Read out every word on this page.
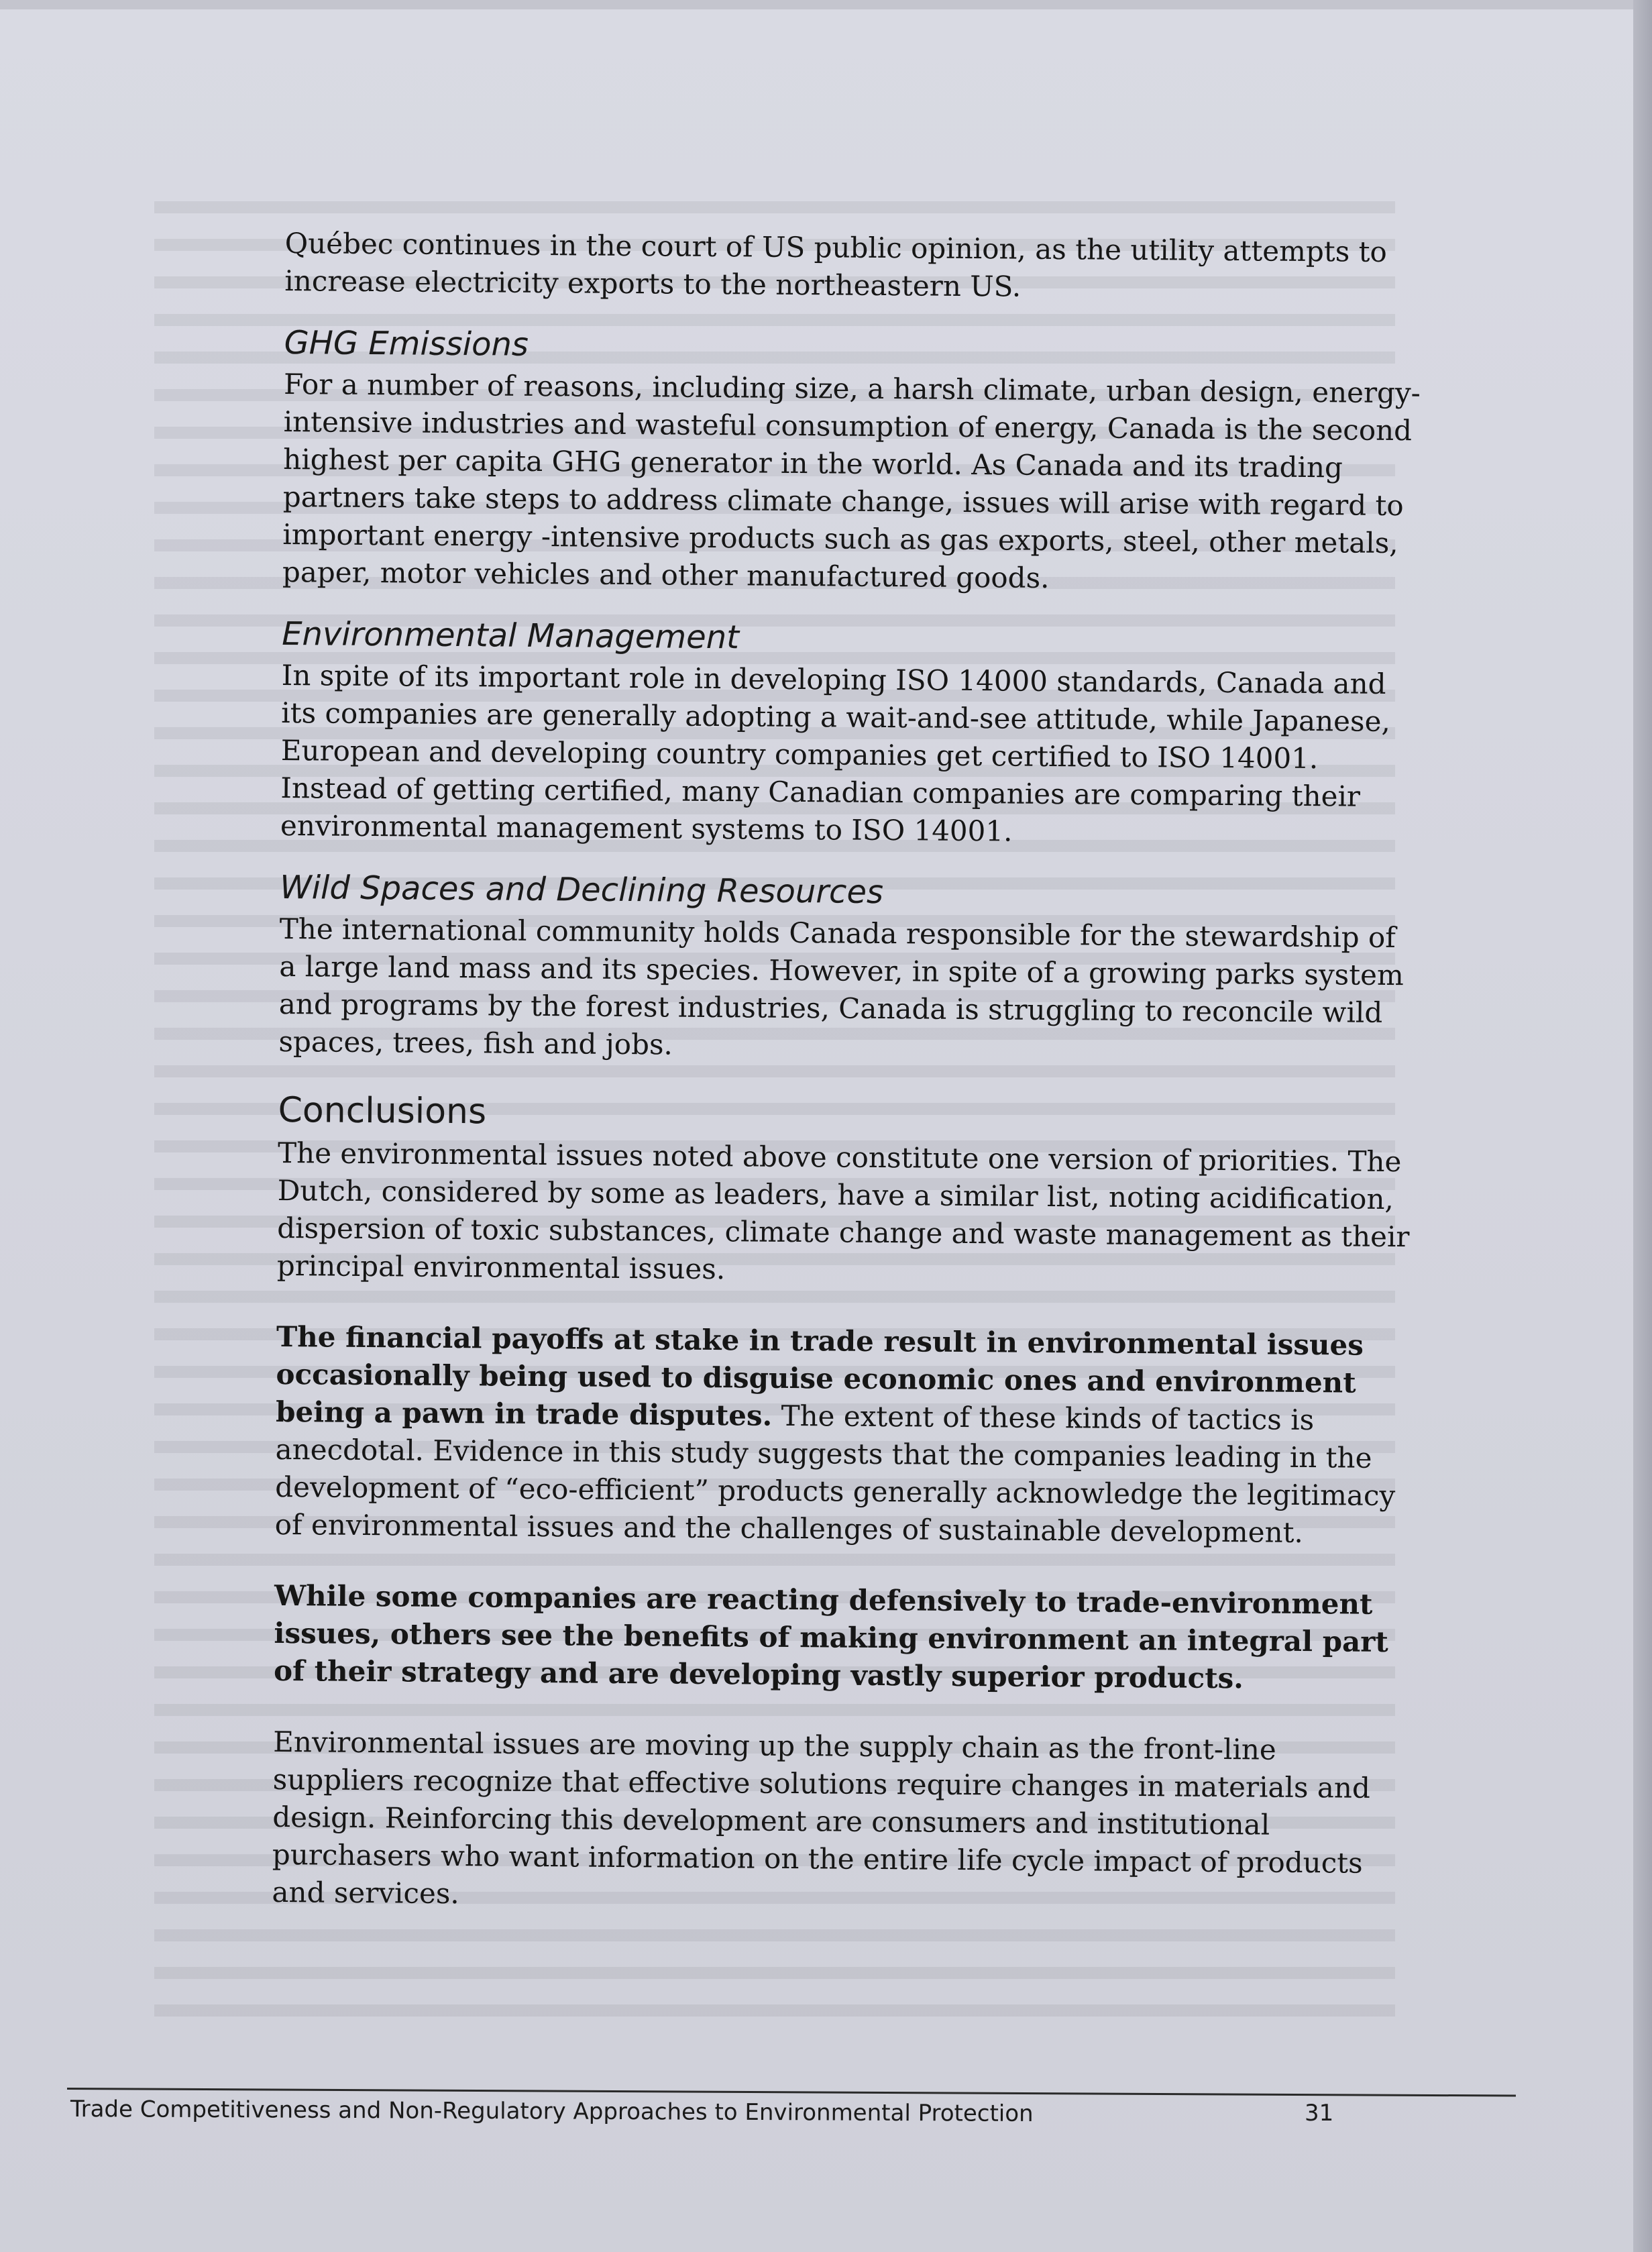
Québec continues in the court of US public opinion, as the utility attempts to increase electricity exports to the northeastern US.

GHG Emissions

For a number of reasons, including size, a harsh climate, urban design, energy-intensive industries and wasteful consumption of energy, Canada is the second highest per capita GHG generator in the world. As Canada and its trading partners take steps to address climate change, issues will arise with regard to important energy -intensive products such as gas exports, steel, other metals, paper, motor vehicles and other manufactured goods.

Environmental Management

In spite of its important role in developing ISO 14000 standards, Canada and its companies are generally adopting a wait-and-see attitude, while Japanese, European and developing country companies get certified to ISO 14001. Instead of getting certified, many Canadian companies are comparing their environmental management systems to ISO 14001.

Wild Spaces and Declining Resources

The international community holds Canada responsible for the stewardship of a large land mass and its species. However, in spite of a growing parks system and programs by the forest industries, Canada is struggling to reconcile wild spaces, trees, fish and jobs.

Conclusions

The environmental issues noted above constitute one version of priorities. The Dutch, considered by some as leaders, have a similar list, noting acidification, dispersion of toxic substances, climate change and waste management as their principal environmental issues.

The financial payoffs at stake in trade result in environmental issues occasionally being used to disguise economic ones and environment being a pawn in trade disputes. The extent of these kinds of tactics is anecdotal. Evidence in this study suggests that the companies leading in the development of “eco-efficient” products generally acknowledge the legitimacy of environmental issues and the challenges of sustainable development.

While some companies are reacting defensively to trade-environment issues, others see the benefits of making environment an integral part of their strategy and are developing vastly superior products.

Environmental issues are moving up the supply chain as the front-line suppliers recognize that effective solutions require changes in materials and design. Reinforcing this development are consumers and institutional purchasers who want information on the entire life cycle impact of products and services.

Trade Competitiveness and Non-Regulatory Approaches to Environmental Protection	31
